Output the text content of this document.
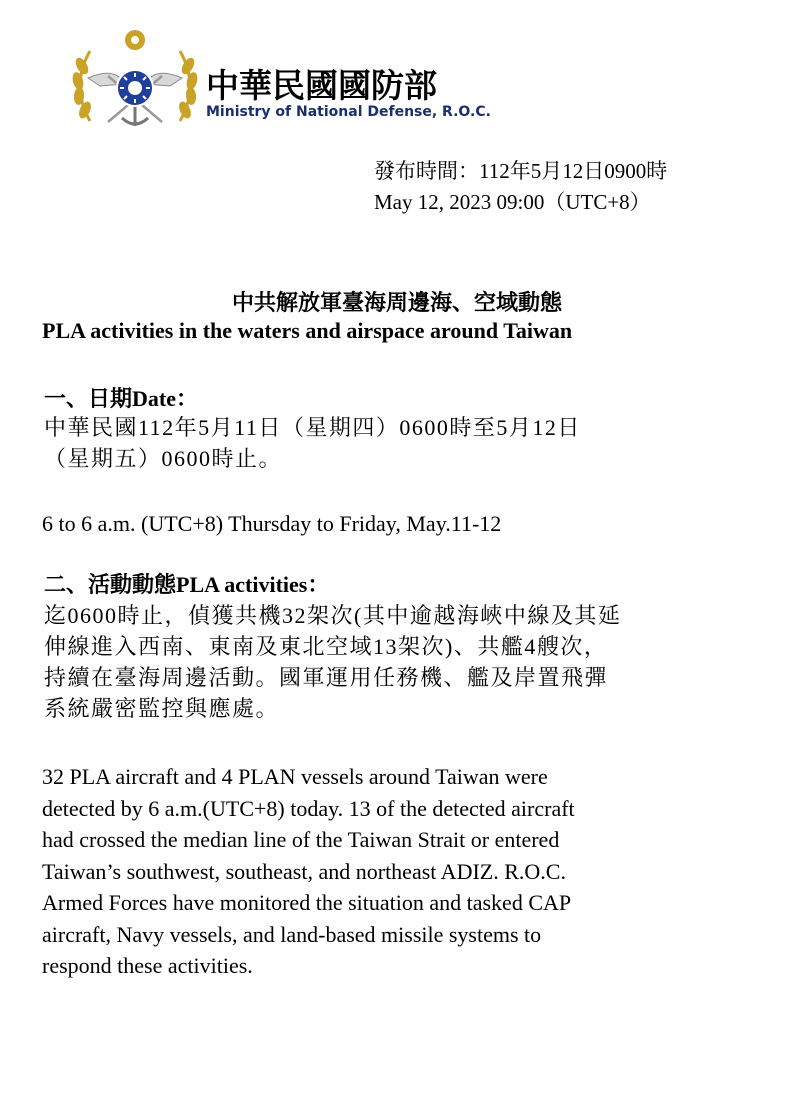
中華民國國防部
Ministry of National Defense, R.O.C.
發布時間：112年5月12日0900時
May 12, 2023 09:00（UTC+8）
中共解放軍臺海周邊海、空域動態
PLA activities in the waters and airspace around Taiwan
一、日期Date：
中華民國112年5月11日（星期四）0600時至5月12日
（星期五）0600時止。
6 to 6 a.m. (UTC+8) Thursday to Friday, May.11-12
二、活動動態PLA activities：
迄0600時止，偵獲共機32架次(其中逾越海峽中線及其延
伸線進入西南、東南及東北空域13架次)、共艦4艘次，
持續在臺海周邊活動。國軍運用任務機、艦及岸置飛彈
系統嚴密監控與應處。
32 PLA aircraft and 4 PLAN vessels around Taiwan were
detected by 6 a.m.(UTC+8) today. 13 of the detected aircraft
had crossed the median line of the Taiwan Strait or entered
Taiwan’s southwest, southeast, and northeast ADIZ. R.O.C.
Armed Forces have monitored the situation and tasked CAP
aircraft, Navy vessels, and land-based missile systems to
respond these activities.
